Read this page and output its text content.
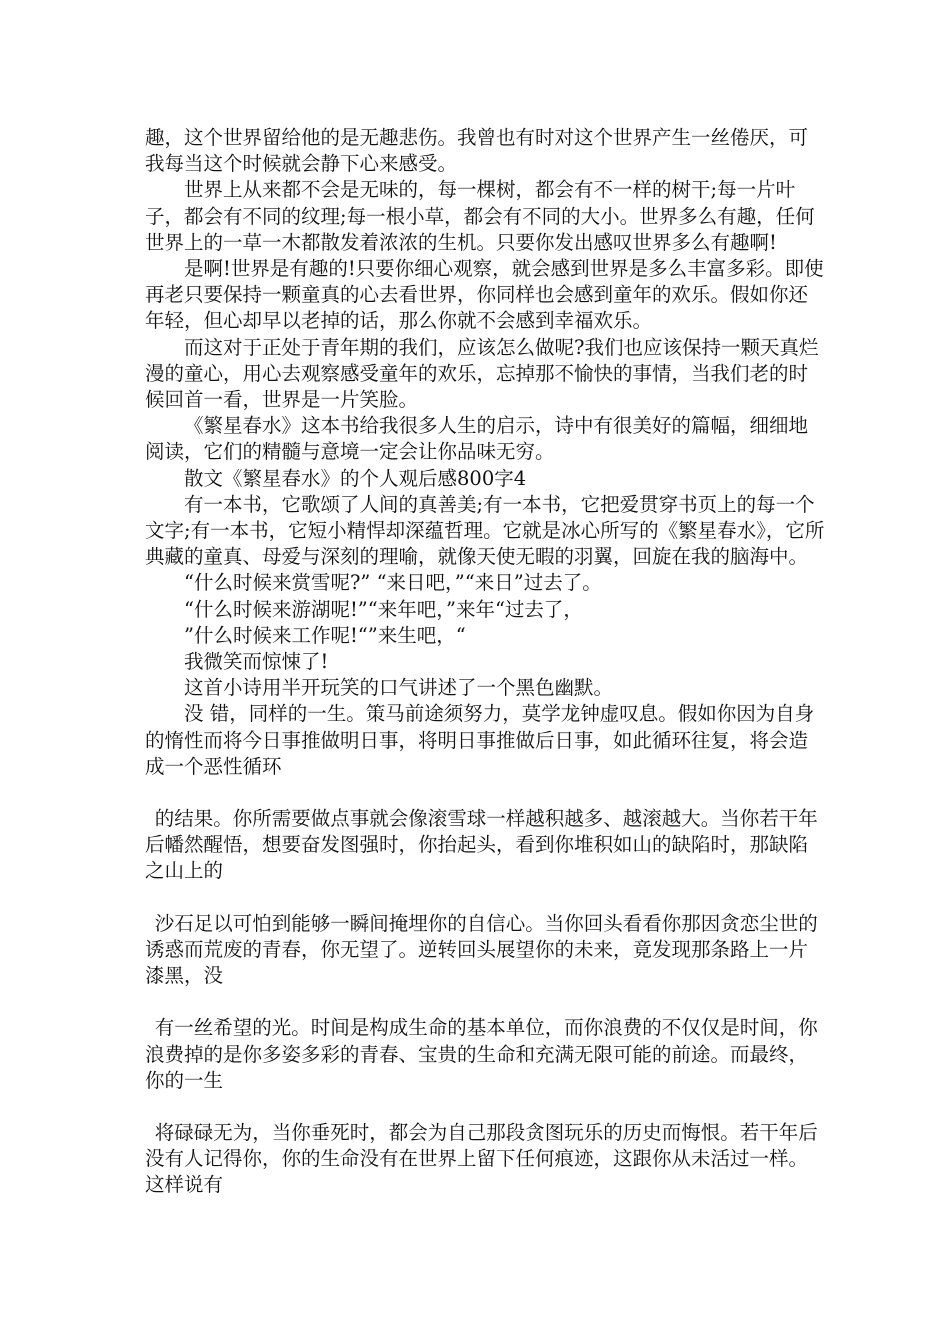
趣，这个世界留给他的是无趣悲伤。我曾也有时对这个世界产生一丝倦厌，可我每当这个时候就会静下心来感受。

世界上从来都不会是无味的，每一棵树，都会有不一样的树干;每一片叶子，都会有不同的纹理;每一根小草，都会有不同的大小。世界多么有趣，任何世界上的一草一木都散发着浓浓的生机。只要你发出感叹世界多么有趣啊!

是啊!世界是有趣的!只要你细心观察，就会感到世界是多么丰富多彩。即使再老只要保持一颗童真的心去看世界，你同样也会感到童年的欢乐。假如你还年轻，但心却早以老掉的话，那么你就不会感到幸福欢乐。

而这对于正处于青年期的我们，应该怎么做呢?我们也应该保持一颗天真烂漫的童心，用心去观察感受童年的欢乐，忘掉那不愉快的事情，当我们老的时候回首一看，世界是一片笑脸。

《繁星春水》这本书给我很多人生的启示，诗中有很美好的篇幅，细细地阅读，它们的精髓与意境一定会让你品味无穷。

散文《繁星春水》的个人观后感800字4

有一本书，它歌颂了人间的真善美;有一本书，它把爱贯穿书页上的每一个文字;有一本书，它短小精悍却深蕴哲理。它就是冰心所写的《繁星春水》，它所典藏的童真、母爱与深刻的理喻，就像天使无暇的羽翼，回旋在我的脑海中。

“什么时候来赏雪呢?” “来日吧，”“来日”过去了。

“什么时候来游湖呢!”“来年吧，”来年“过去了，

”什么时候来工作呢!“”来生吧，“

我微笑而惊悚了!

这首小诗用半开玩笑的口气讲述了一个黑色幽默。

没 错，同样的一生。策马前途须努力，莫学龙钟虚叹息。假如你因为自身的惰性而将今日事推做明日事，将明日事推做后日事，如此循环往复，将会造成一个恶性循环

的结果。你所需要做点事就会像滚雪球一样越积越多、越滚越大。当你若干年后幡然醒悟，想要奋发图强时，你抬起头，看到你堆积如山的缺陷时，那缺陷之山上的

沙石足以可怕到能够一瞬间掩埋你的自信心。当你回头看看你那因贪恋尘世的诱惑而荒废的青春，你无望了。逆转回头展望你的未来，竟发现那条路上一片漆黑，没

有一丝希望的光。时间是构成生命的基本单位，而你浪费的不仅仅是时间，你浪费掉的是你多姿多彩的青春、宝贵的生命和充满无限可能的前途。而最终，你的一生

将碌碌无为，当你垂死时，都会为自己那段贪图玩乐的历史而悔恨。若干年后没有人记得你，你的生命没有在世界上留下任何痕迹，这跟你从未活过一样。这样说有
